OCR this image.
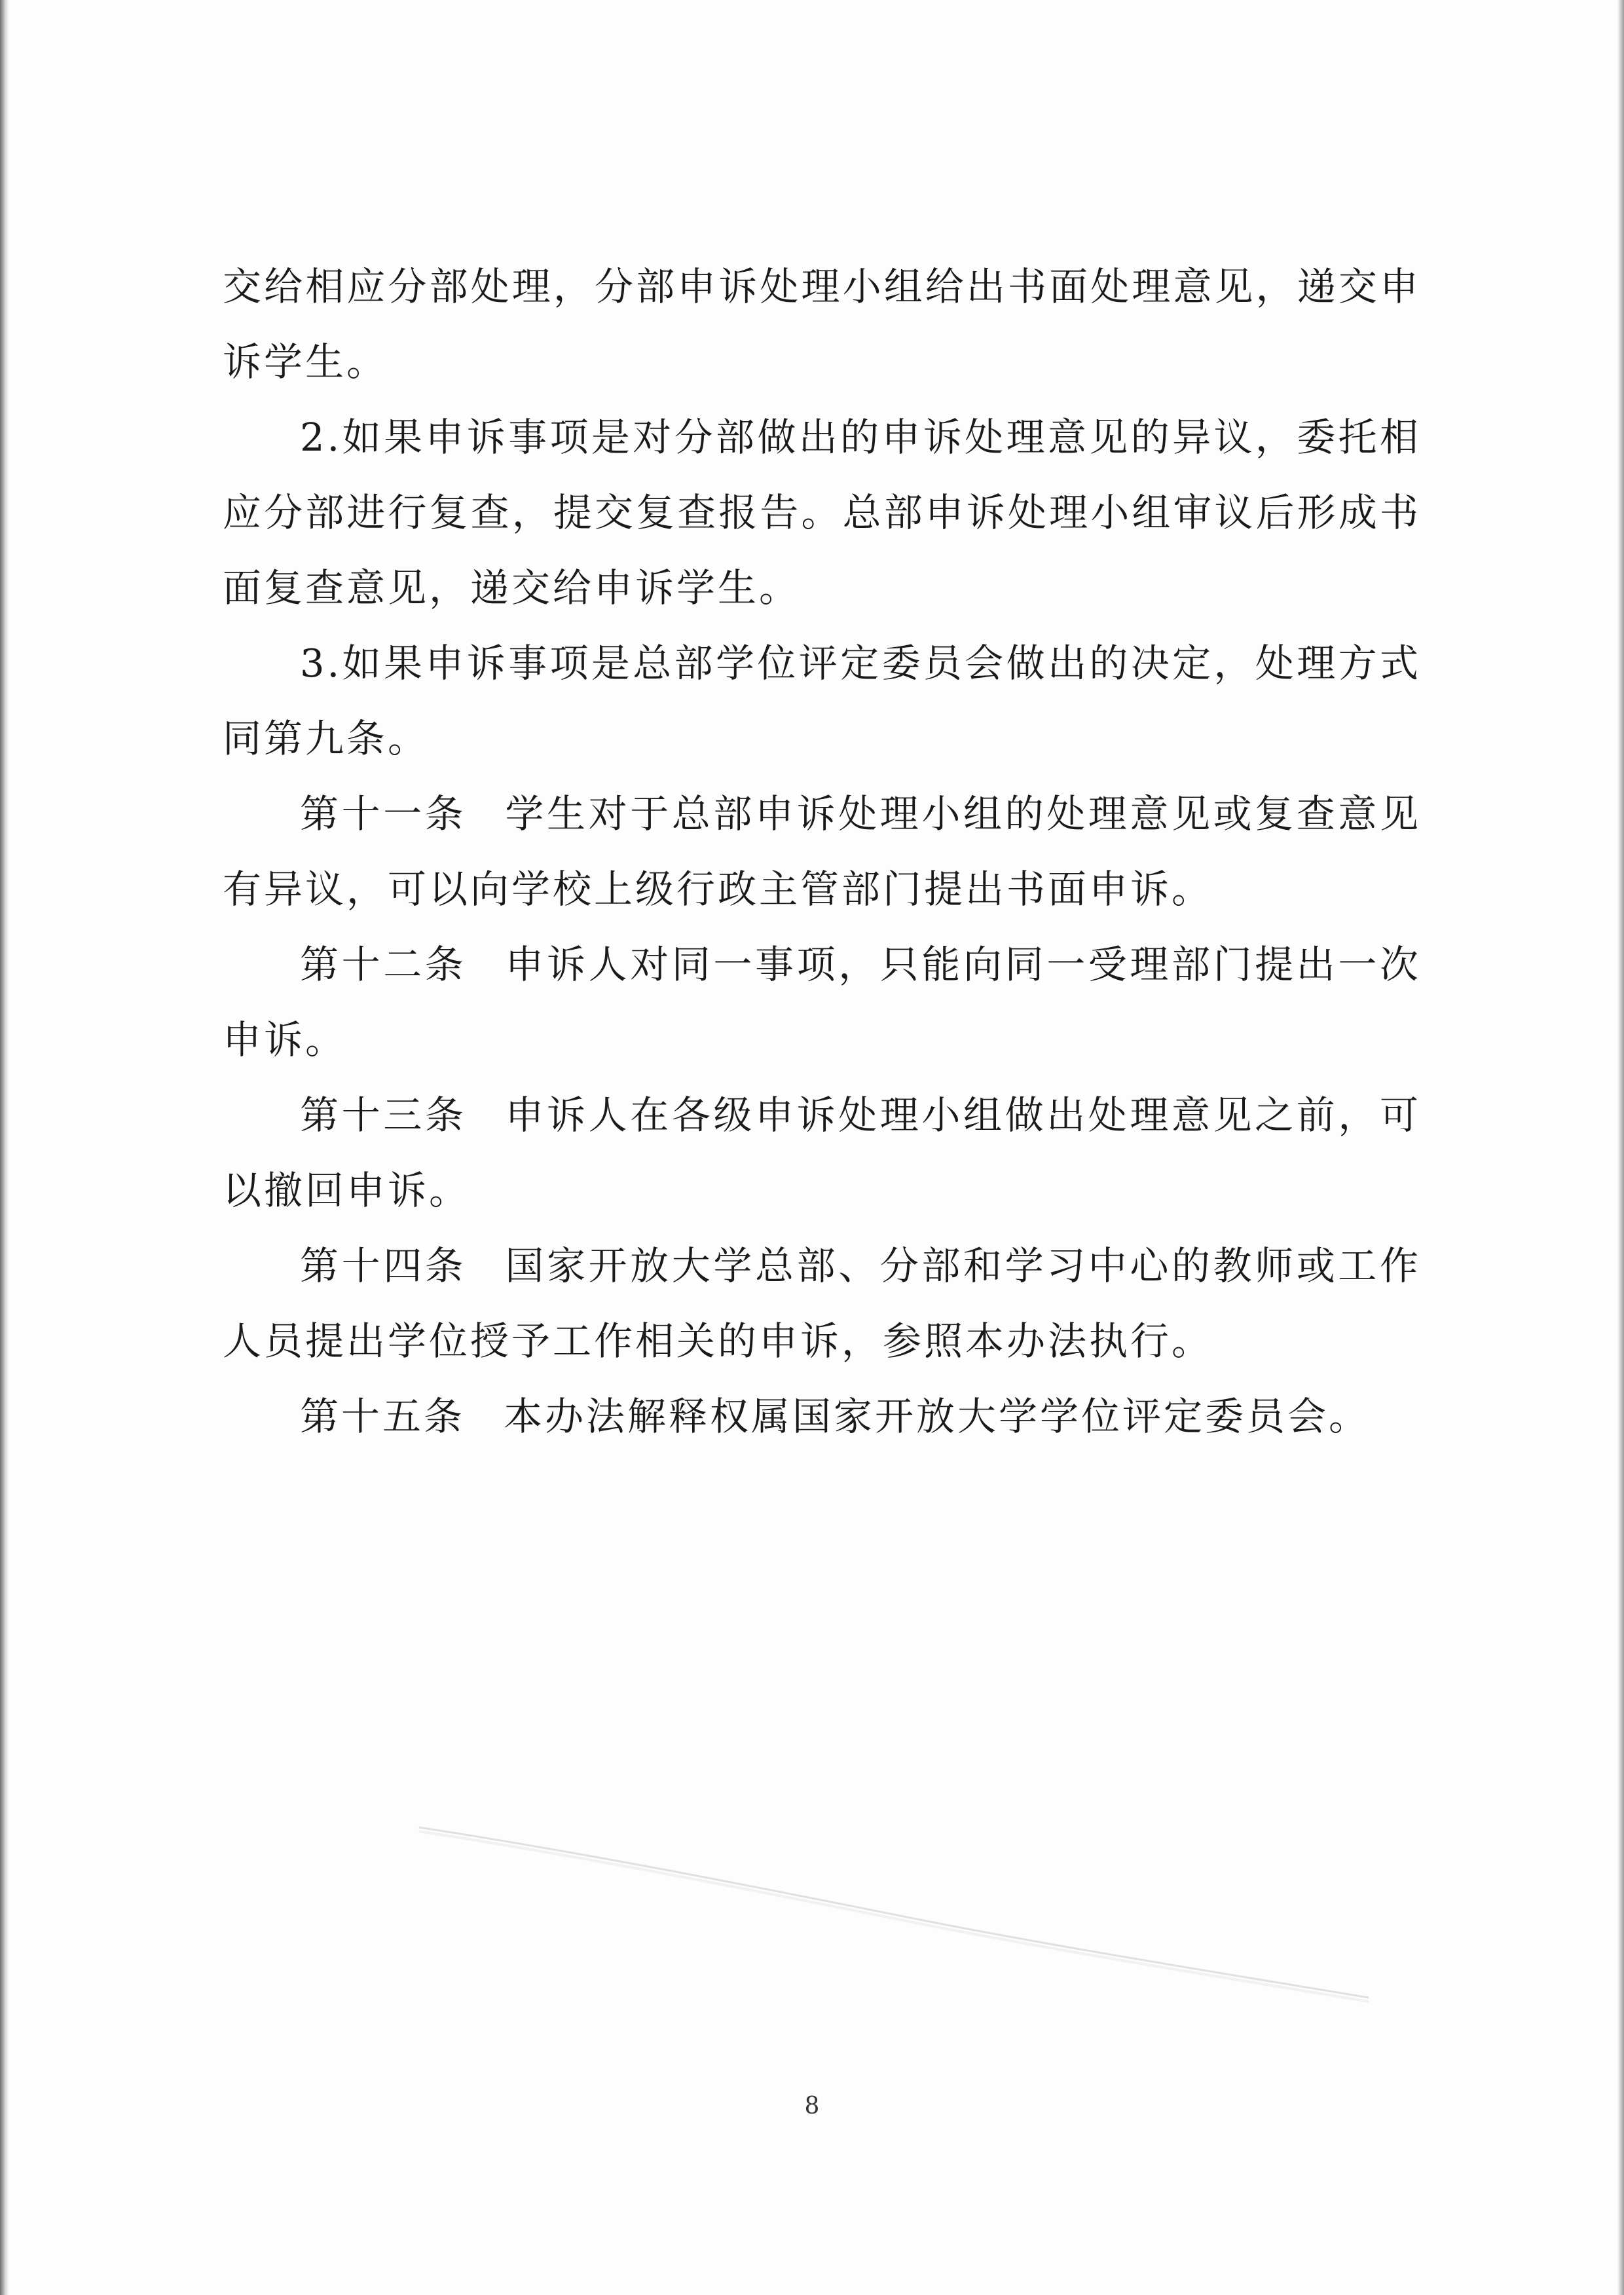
交给相应分部处理，分部申诉处理小组给出书面处理意见，递交申诉学生。

2.如果申诉事项是对分部做出的申诉处理意见的异议，委托相应分部进行复查，提交复查报告。总部申诉处理小组审议后形成书面复查意见，递交给申诉学生。

3.如果申诉事项是总部学位评定委员会做出的决定，处理方式同第九条。

第十一条 学生对于总部申诉处理小组的处理意见或复查意见有异议，可以向学校上级行政主管部门提出书面申诉。

第十二条 申诉人对同一事项，只能向同一受理部门提出一次申诉。

第十三条 申诉人在各级申诉处理小组做出处理意见之前，可以撤回申诉。

第十四条 国家开放大学总部、分部和学习中心的教师或工作人员提出学位授予工作相关的申诉，参照本办法执行。

第十五条 本办法解释权属国家开放大学学位评定委员会。

8
